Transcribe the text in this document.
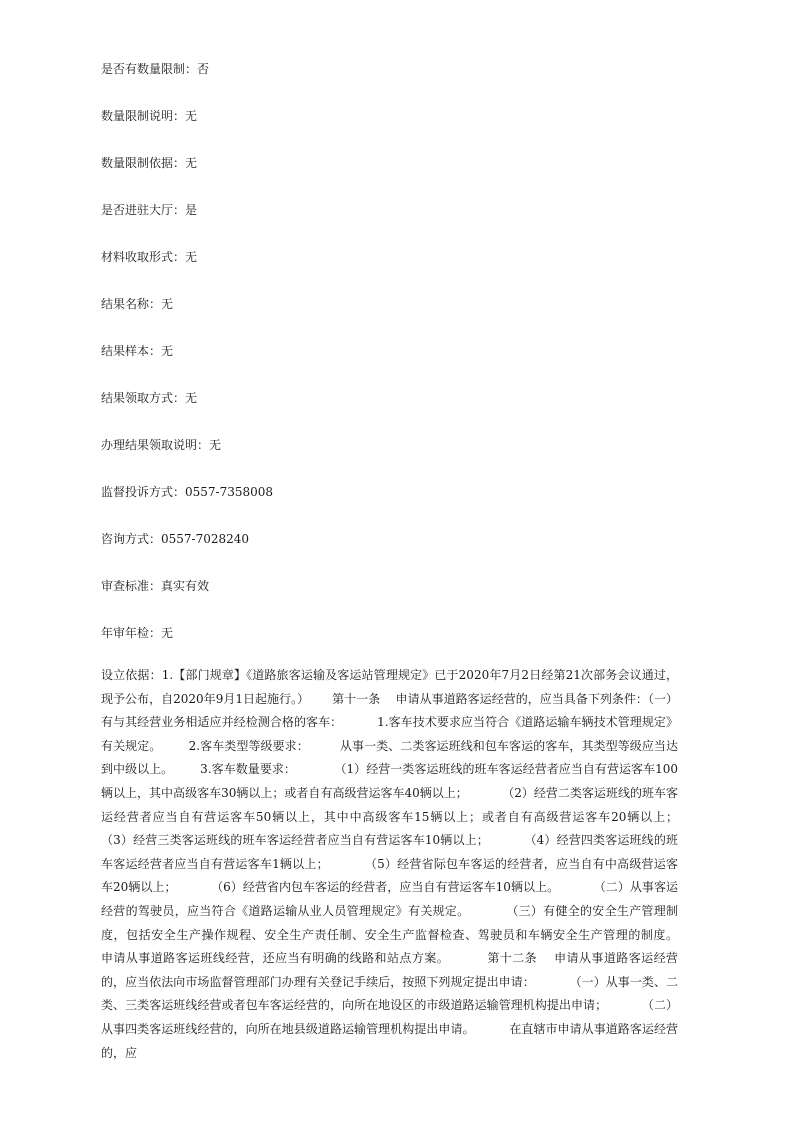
是否有数量限制：否

数量限制说明：无

数量限制依据：无

是否进驻大厅：是

材料收取形式：无

结果名称：无

结果样本：无

结果领取方式：无

办理结果领取说明：无

监督投诉方式：0557-7358008

咨询方式：0557-7028240

审查标准：真实有效

年审年检：无

设立依据：1.【部门规章】《道路旅客运输及客运站管理规定》已于2020年7月2日经第21次部务会议通过，现予公布，自2020年9月1日起施行。）      第十一条    申请从事道路客运经营的，应当具备下列条件：（一）有与其经营业务相适应并经检测合格的客车：         1.客车技术要求应当符合《道路运输车辆技术管理规定》有关规定。       2.客车类型等级要求：        从事一类、二类客运班线和包车客运的客车，其类型等级应当达到中级以上。       3.客车数量要求：          （1）经营一类客运班线的班车客运经营者应当自有营运客车100辆以上，其中高级客车30辆以上；或者自有高级营运客车40辆以上；         （2）经营二类客运班线的班车客运经营者应当自有营运客车50辆以上，其中中高级客车15辆以上；或者自有高级营运客车20辆以上；         （3）经营三类客运班线的班车客运经营者应当自有营运客车10辆以上；         （4）经营四类客运班线的班车客运经营者应当自有营运客车1辆以上；         （5）经营省际包车客运的经营者，应当自有中高级营运客车20辆以上；         （6）经营省内包车客运的经营者，应当自有营运客车10辆以上。         （二）从事客运经营的驾驶员，应当符合《道路运输从业人员管理规定》有关规定。         （三）有健全的安全生产管理制度，包括安全生产操作规程、安全生产责任制、安全生产监督检查、驾驶员和车辆安全生产管理的制度。         申请从事道路客运班线经营，还应当有明确的线路和站点方案。         第十二条    申请从事道路客运经营的，应当依法向市场监督管理部门办理有关登记手续后，按照下列规定提出申请：         （一）从事一类、二类、三类客运班线经营或者包车客运经营的，向所在地设区的市级道路运输管理机构提出申请；         （二）从事四类客运班线经营的，向所在地县级道路运输管理机构提出申请。         在直辖市申请从事道路客运经营的，应
